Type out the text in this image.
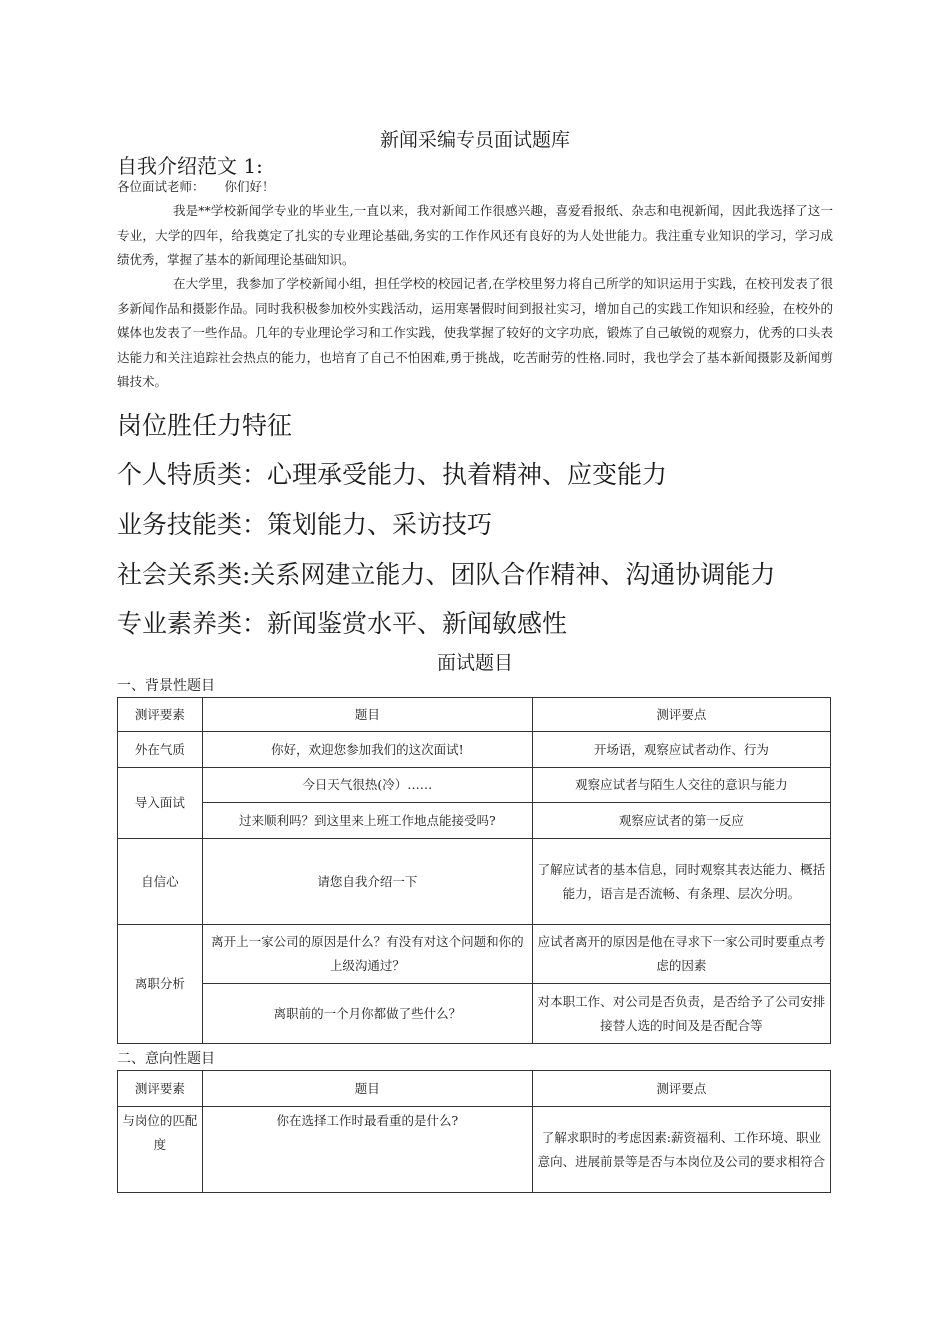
新闻采编专员面试题库
自我介绍范文 1:
各位面试老师： 你们好！
我是**学校新闻学专业的毕业生,一直以来，我对新闻工作很感兴趣，喜爱看报纸、杂志和电视新闻，因此我选择了这一专业，大学的四年，给我奠定了扎实的专业理论基础,务实的工作作风还有良好的为人处世能力。我注重专业知识的学习，学习成绩优秀，掌握了基本的新闻理论基础知识。
在大学里，我参加了学校新闻小组，担任学校的校园记者,在学校里努力将自己所学的知识运用于实践，在校刊发表了很多新闻作品和摄影作品。同时我积极参加校外实践活动，运用寒暑假时间到报社实习，增加自己的实践工作知识和经验，在校外的媒体也发表了一些作品。几年的专业理论学习和工作实践，使我掌握了较好的文字功底，锻炼了自己敏锐的观察力，优秀的口头表达能力和关注追踪社会热点的能力，也培育了自己不怕困难,勇于挑战，吃苦耐劳的性格.同时，我也学会了基本新闻摄影及新闻剪辑技术。
岗位胜任力特征
个人特质类：心理承受能力、执着精神、应变能力
业务技能类：策划能力、采访技巧
社会关系类:关系网建立能力、团队合作精神、沟通协调能力
专业素养类：新闻鉴赏水平、新闻敏感性
面试题目
一、背景性题目
测评要素	题目	测评要点
外在气质	你好，欢迎您参加我们的这次面试!	开场语，观察应试者动作、行为
导入面试	今日天气很热(冷）……	观察应试者与陌生人交往的意识与能力
	过来顺利吗？到这里来上班工作地点能接受吗?	观察应试者的第一反应
自信心	请您自我介绍一下	了解应试者的基本信息，同时观察其表达能力、概括能力，语言是否流畅、有条理、层次分明。
离职分析	离开上一家公司的原因是什么？有没有对这个问题和你的上级沟通过？	应试者离开的原因是他在寻求下一家公司时要重点考虑的因素
	离职前的一个月你都做了些什么？	对本职工作、对公司是否负责，是否给予了公司安排接替人选的时间及是否配合等
二、意向性题目
测评要素	题目	测评要点
与岗位的匹配度	你在选择工作时最看重的是什么?	了解求职时的考虑因素:薪资福利、工作环境、职业意向、进展前景等是否与本岗位及公司的要求相符合
